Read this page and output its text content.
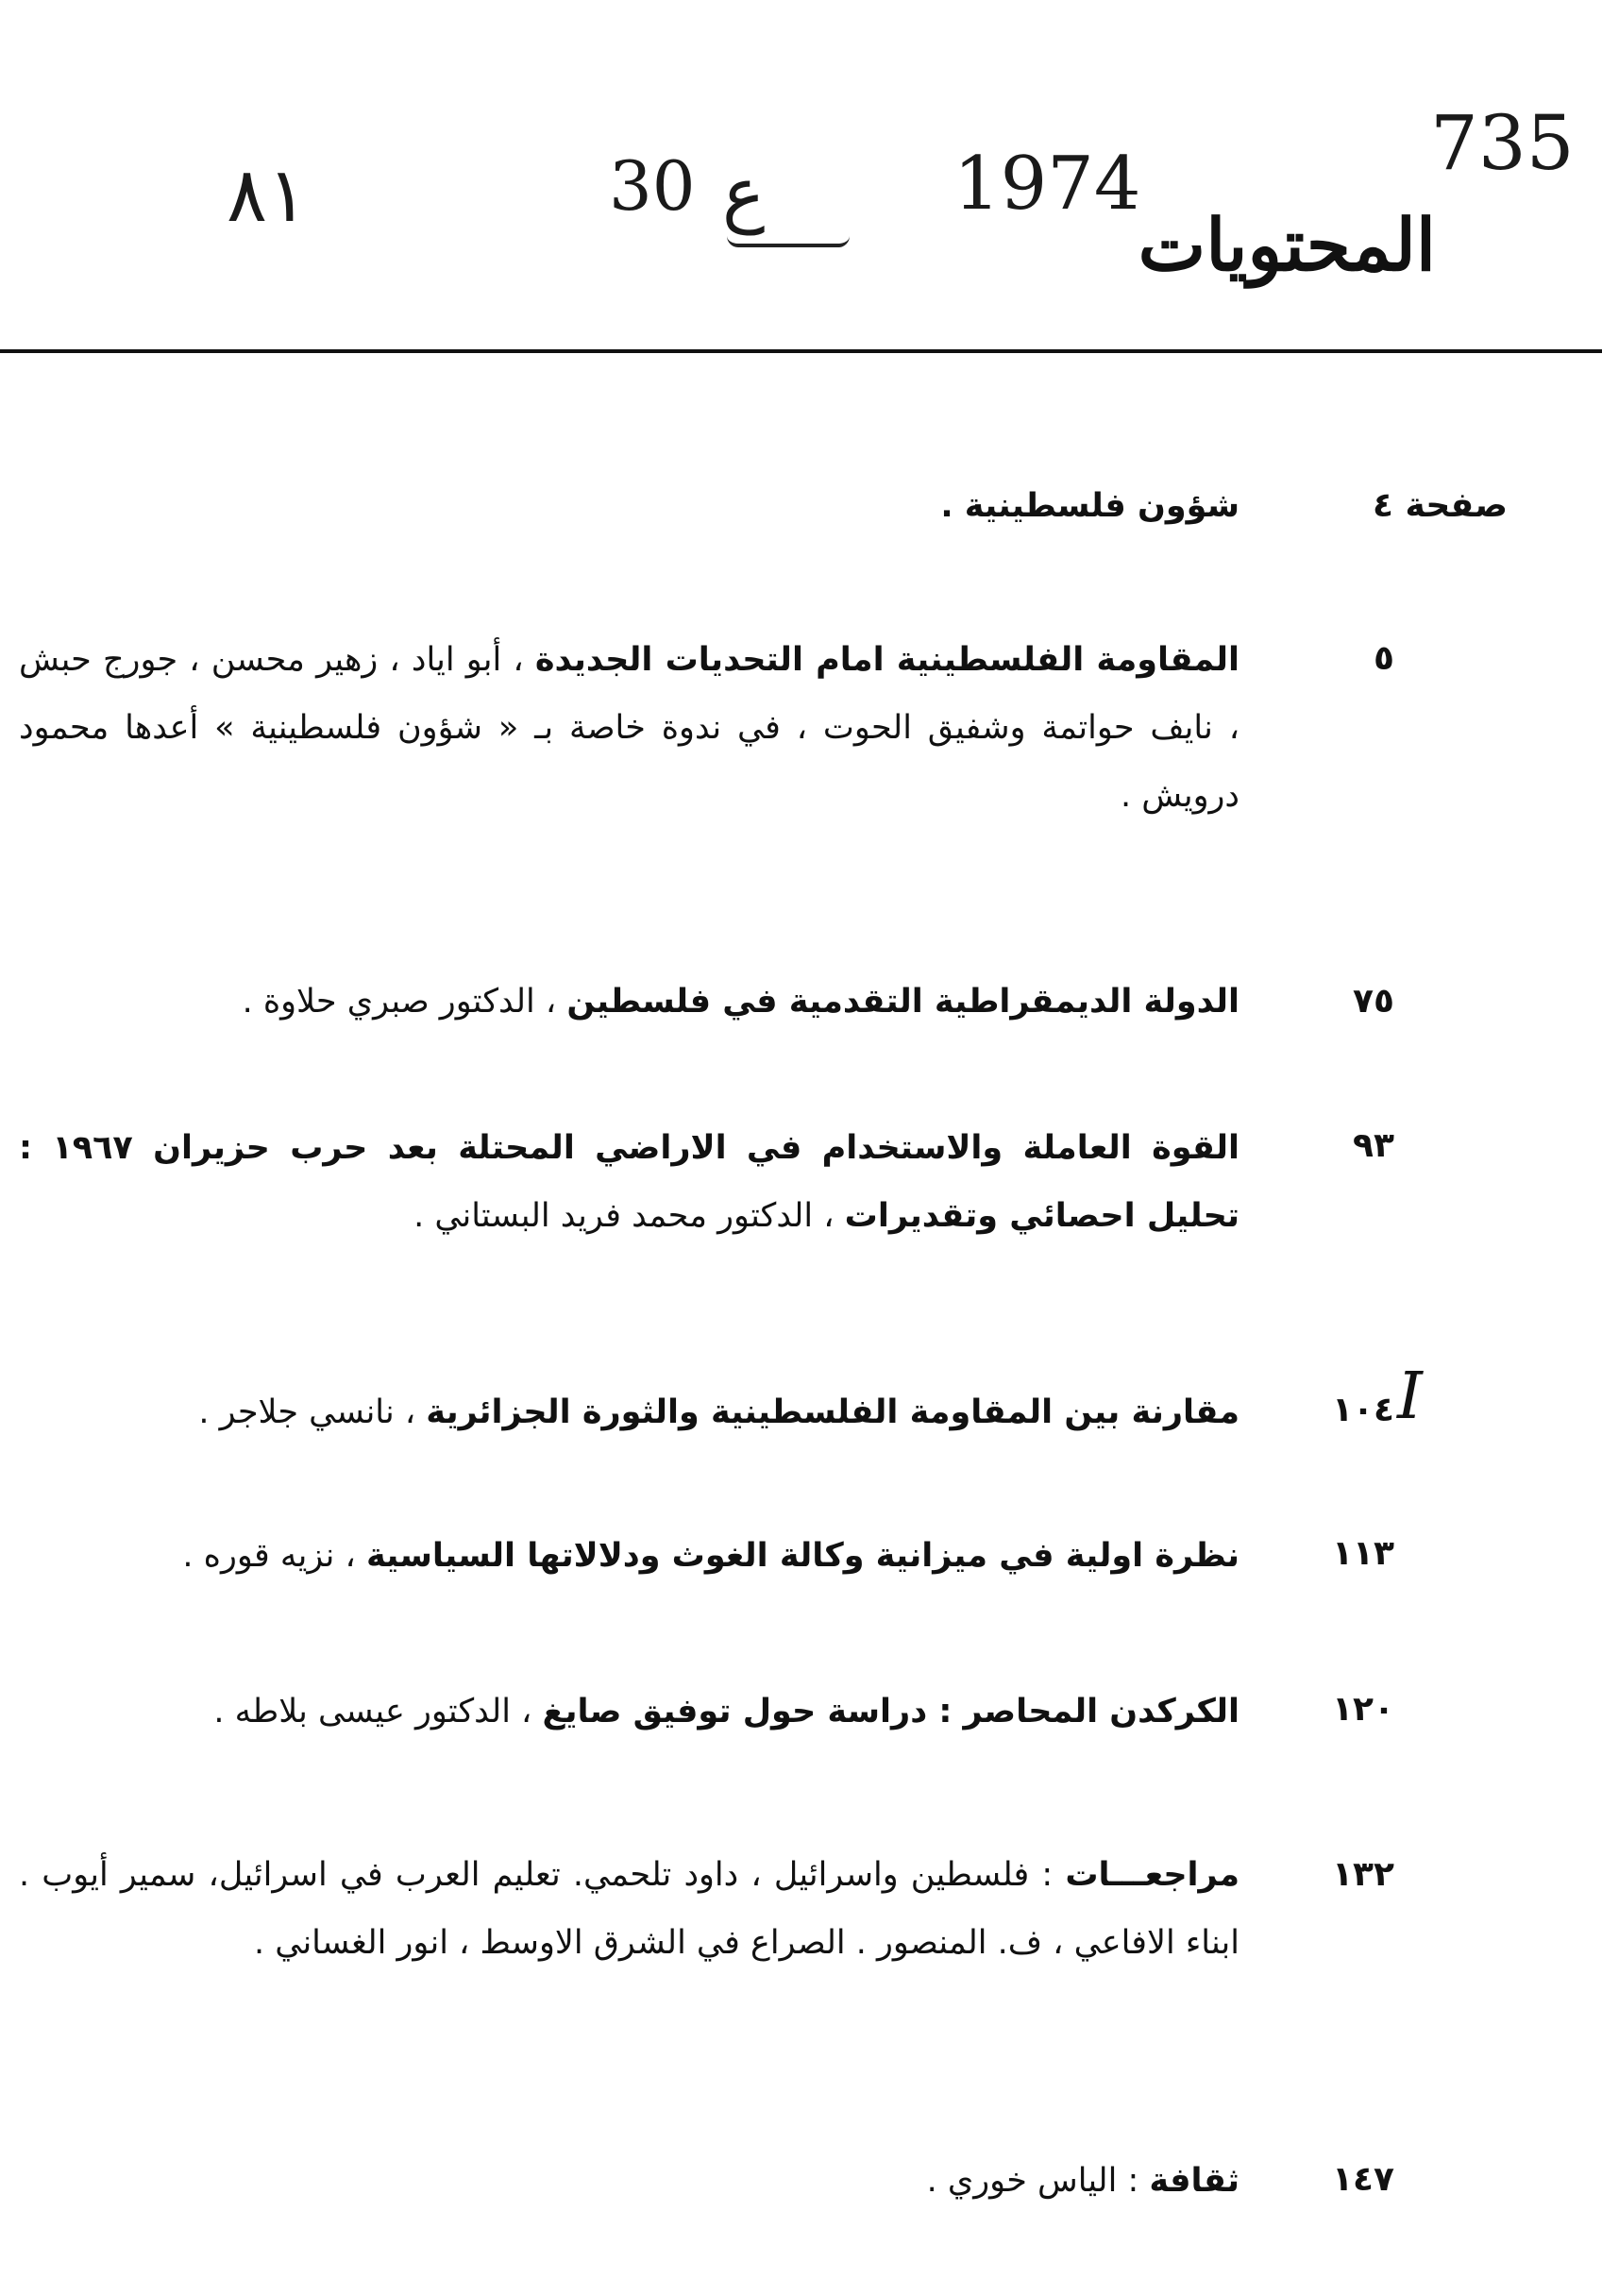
735
1974
ع
30
٨١
المحتويات
صفحة ٤
شؤون فلسطينية .
I
٥
المقاومة الفلسطينية امام التحديات الجديدة ، أبو اياد ، زهير محسن ، جورج حبش ، نايف حواتمة وشفيق الحوت ، في ندوة خاصة بـ « شؤون فلسطينية » أعدها محمود درويش .
٧٥
الدولة الديمقراطية التقدمية في فلسطين ، الدكتور صبري حلاوة .
٩٣
القوة العاملة والاستخدام في الاراضي المحتلة بعد حرب حزيران ١٩٦٧ : تحليل احصائي وتقديرات ، الدكتور محمد فريد البستاني .
١٠٤
مقارنة بين المقاومة الفلسطينية والثورة الجزائرية ، نانسي جلاجر .
١١٣
نظرة اولية في ميزانية وكالة الغوث ودلالاتها السياسية ، نزيه قوره .
١٢٠
الكركدن المحاصر : دراسة حول توفيق صايغ ، الدكتور عيسى بلاطه .
١٣٢
مراجعـــات : فلسطين واسرائيل ، داود تلحمي. تعليم العرب في اسرائيل، سمير أيوب . ابناء الافاعي ، ف. المنصور . الصراع في الشرق الاوسط ، انور الغساني .
١٤٧
ثقافة : الياس خوري .
